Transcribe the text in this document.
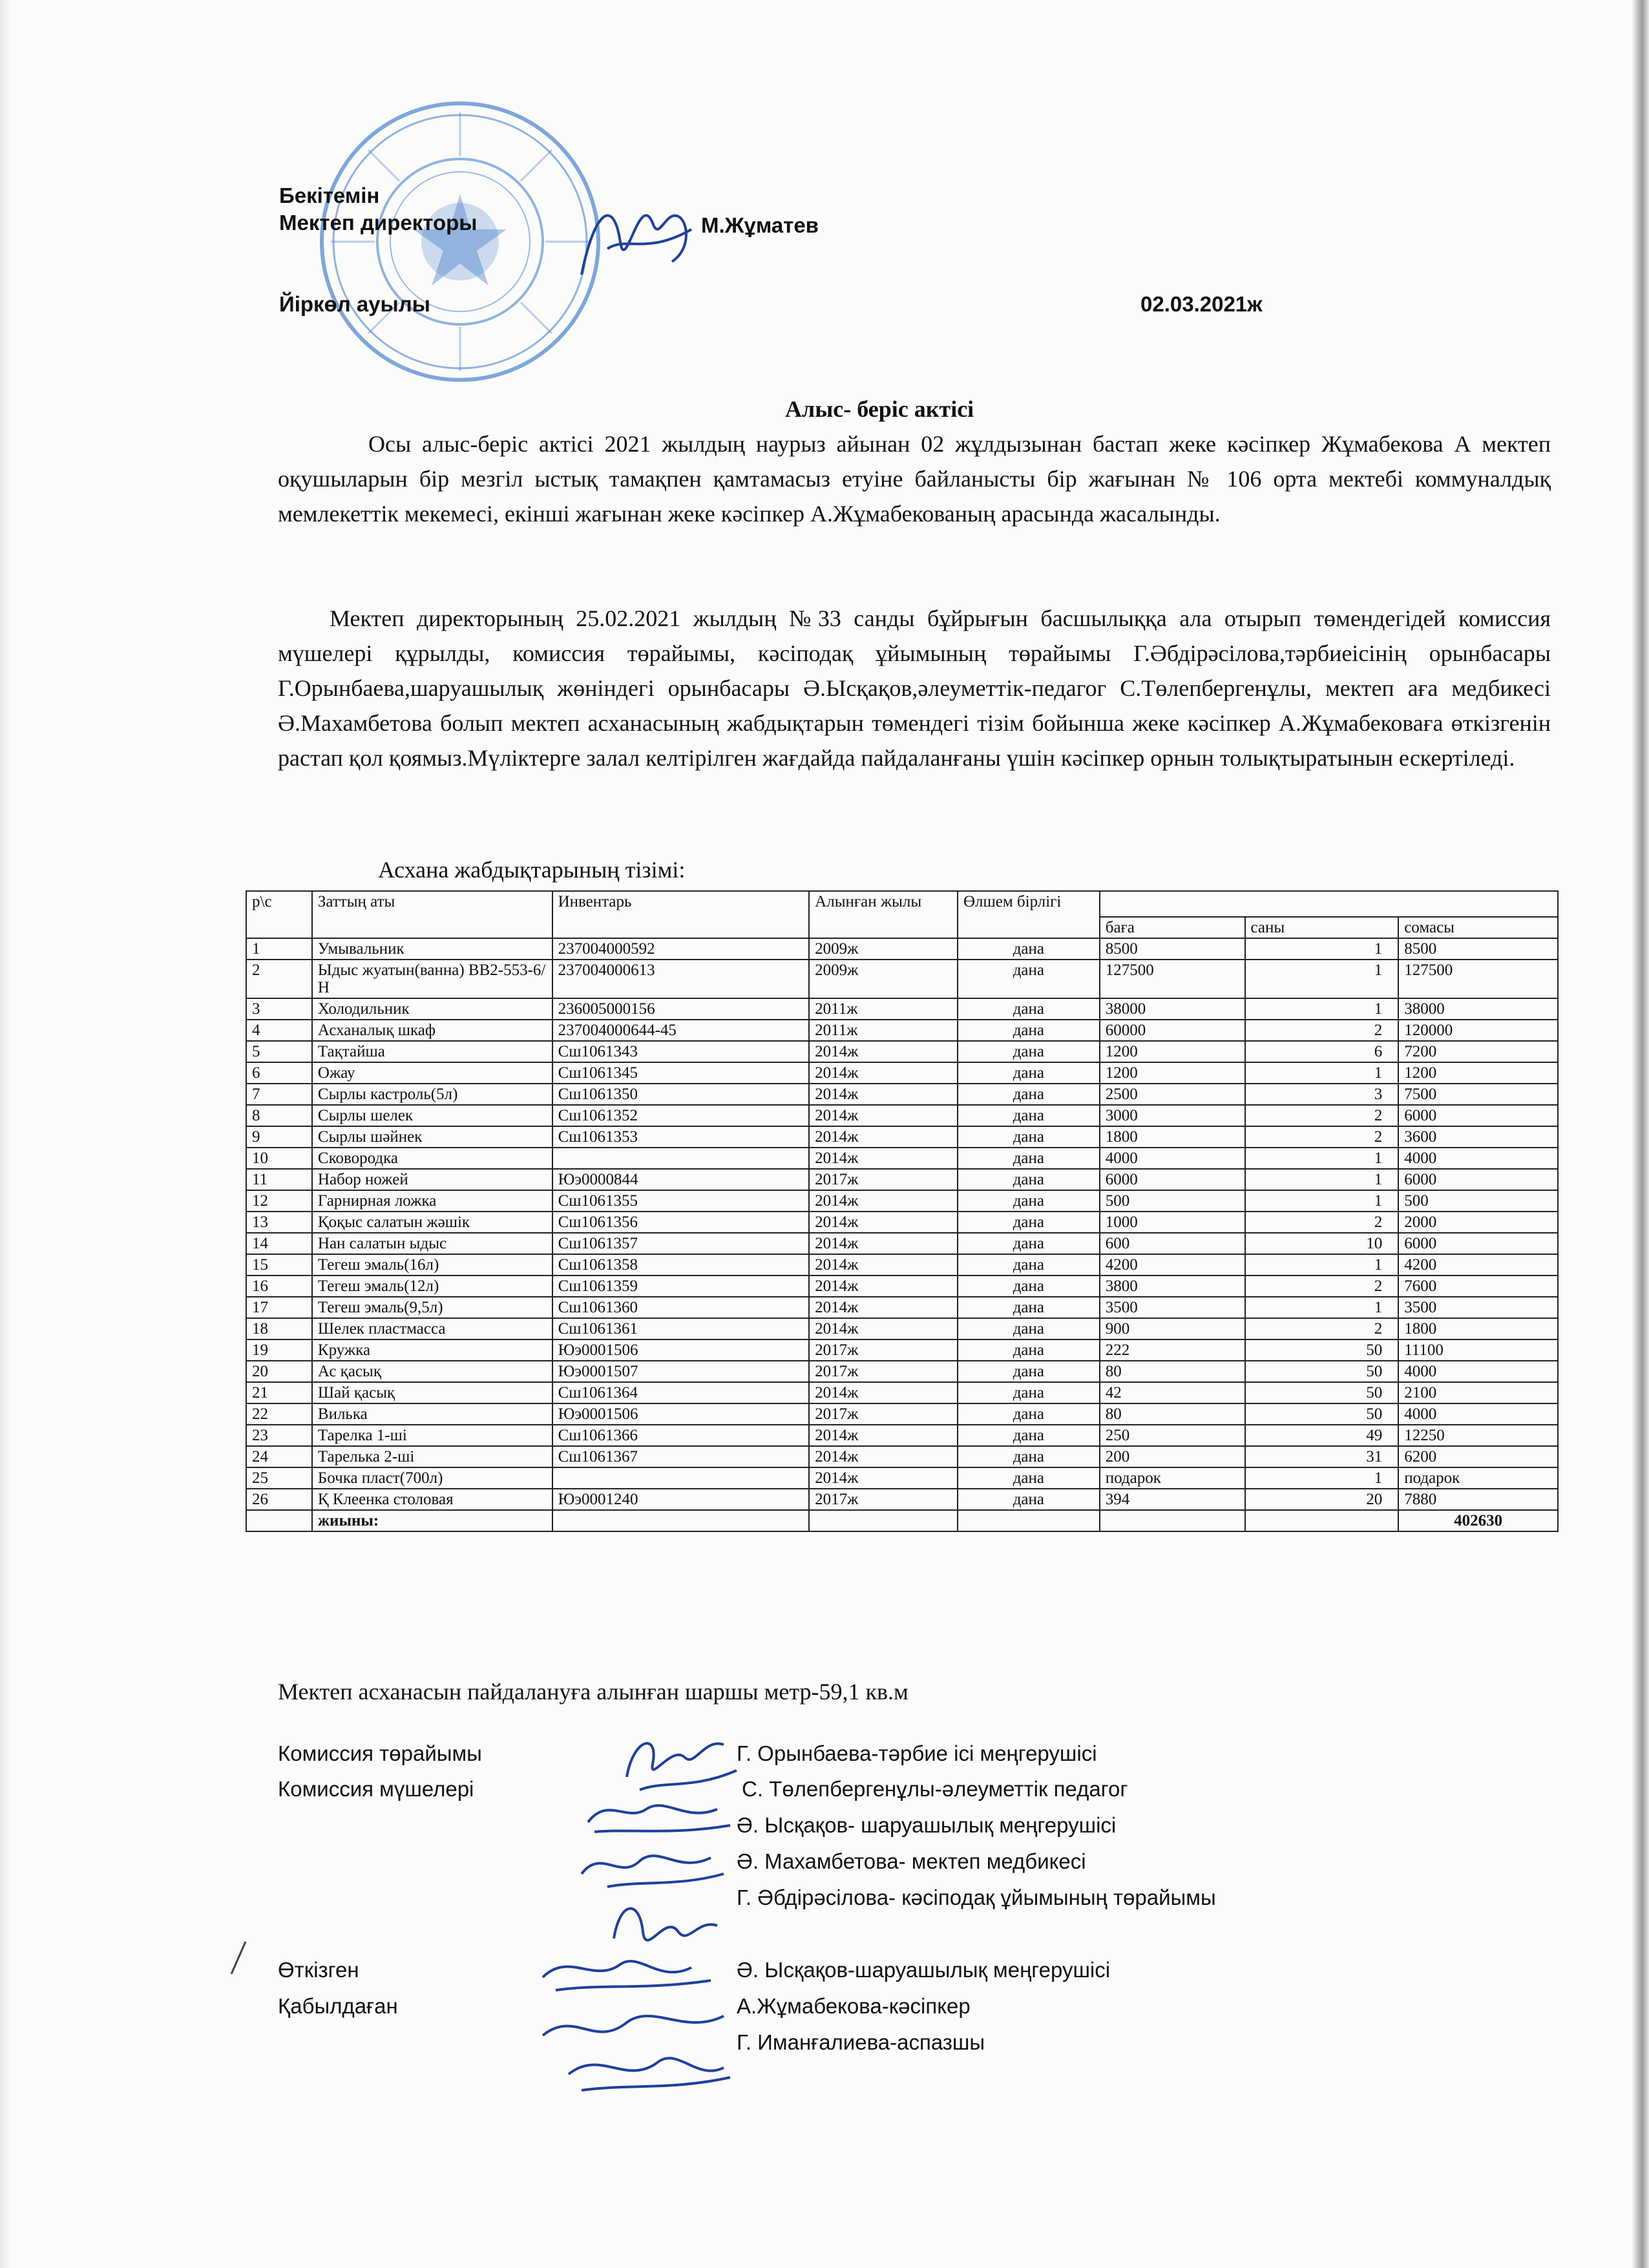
Бекітемін
Мектеп директоры	М.Жұматев
Йіркөл ауылы	02.03.2021ж
Алыс- беріс актісі
Осы алыс-беріс актісі 2021 жылдың наурыз айынан 02 жұлдызынан бастап жеке кәсіпкер Жұмабекова А мектеп оқушыларын бір мезгіл ыстық тамақпен қамтамасыз етуіне байланысты бір жағынан № 106 орта мектебі коммуналдық мемлекеттік мекемесі, екінші жағынан жеке кәсіпкер А.Жұмабекованың арасында жасалынды.
Мектеп директорының 25.02.2021 жылдың №33 санды бұйрығын басшылыққа ала отырып төмендегідей комиссия мүшелері құрылды, комиссия төрайымы, кәсіподақ ұйымының төрайымы Г.Әбдірәсілова,тәрбиеісінің орынбасары Г.Орынбаева,шаруашылық жөніндегі орынбасары Ә.Ысқақов,әлеуметтік-педагог С.Төлепбергенұлы, мектеп аға медбикесі Ә.Махамбетова болып мектеп асханасының жабдықтарын төмендегі тізім бойынша жеке кәсіпкер А.Жұмабековаға өткізгенін растап қол қоямыз.Мүліктерге залал келтірілген жағдайда пайдаланғаны үшін кәсіпкер орнын толықтыратынын ескертіледі.
Асхана жабдықтарының тізімі:
р\с	Заттың аты	Инвентарь	Алынған жылы	Өлшем бірлігі			
					баға	саны	сомасы
1	Умывальник	237004000592	2009ж	дана	8500	1	8500
2	Ыдыс жуатын(ванна) ВВ2-553-6/ Н	237004000613	2009ж	дана	127500	1	127500
3	Холодильник	236005000156	2011ж	дана	38000	1	38000
4	Асханалық шкаф	237004000644-45	2011ж	дана	60000	2	120000
5	Тақтайша	Сш1061343	2014ж	дана	1200	6	7200
6	Ожау	Сш1061345	2014ж	дана	1200	1	1200
7	Сырлы кастроль(5л)	Сш1061350	2014ж	дана	2500	3	7500
8	Сырлы шелек	Сш1061352	2014ж	дана	3000	2	6000
9	Сырлы шәйнек	Сш1061353	2014ж	дана	1800	2	3600
10	Сковородка		2014ж	дана	4000	1	4000
11	Набор ножей	Юэ0000844	2017ж	дана	6000	1	6000
12	Гарнирная ложка	Сш1061355	2014ж	дана	500	1	500
13	Қоқыс салатын жәшік	Сш1061356	2014ж	дана	1000	2	2000
14	Нан салатын ыдыс	Сш1061357	2014ж	дана	600	10	6000
15	Тегеш эмаль(16л)	Сш1061358	2014ж	дана	4200	1	4200
16	Тегеш эмаль(12л)	Сш1061359	2014ж	дана	3800	2	7600
17	Тегеш эмаль(9,5л)	Сш1061360	2014ж	дана	3500	1	3500
18	Шелек пластмасса	Сш1061361	2014ж	дана	900	2	1800
19	Кружка	Юэ0001506	2017ж	дана	222	50	11100
20	Ас қасық	Юэ0001507	2017ж	дана	80	50	4000
21	Шай қасық	Сш1061364	2014ж	дана	42	50	2100
22	Вилька	Юэ0001506	2017ж	дана	80	50	4000
23	Тарелка 1-ші	Сш1061366	2014ж	дана	250	49	12250
24	Тарелька 2-ші	Сш1061367	2014ж	дана	200	31	6200
25	Бочка пласт(700л)		2014ж	дана	подарок	1	подарок
26	Қ Клеенка столовая	Юэ0001240	2017ж	дана	394	20	7880
	жиыны:						402630
Мектеп асханасын пайдалануға алынған шаршы метр-59,1 кв.м
Комиссия төрайымы	Г. Орынбаева-тәрбие ісі меңгерушісі
Комиссия мүшелері	С. Төлепбергенұлы-әлеуметтік педагог
Ә. Ысқақов- шаруашылық меңгерушісі
Ә. Махамбетова- мектеп медбикесі
Г. Әбдірәсілова- кәсіподақ ұйымының төрайымы
Өткізген	Ә. Ысқақов-шаруашылық меңгерушісі
Қабылдаған	А.Жұмабекова-кәсіпкер
Г. Иманғалиева-аспазшы
